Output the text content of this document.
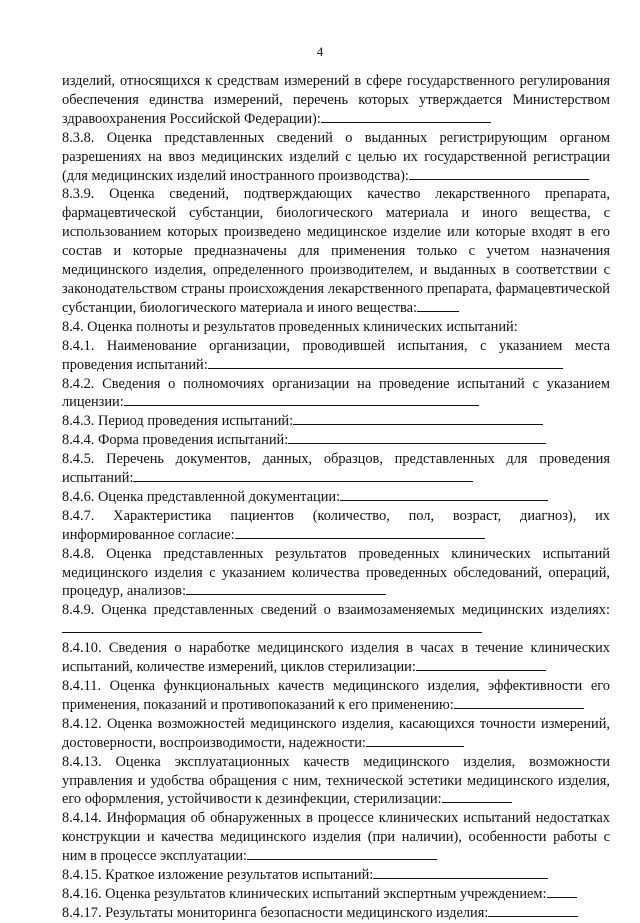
4

изделий, относящихся к средствам измерений в сфере государственного регулирования обеспечения единства измерений, перечень которых утверждается Министерством здравоохранения Российской Федерации):

8.3.8. Оценка представленных сведений о выданных регистрирующим органом разрешениях на ввоз медицинских изделий с целью их государственной регистрации (для медицинских изделий иностранного производства):

8.3.9. Оценка сведений, подтверждающих качество лекарственного препарата, фармацевтической субстанции, биологического материала и иного вещества, с использованием которых произведено медицинское изделие или которые входят в его состав и которые предназначены для применения только с учетом назначения медицинского изделия, определенного производителем, и выданных в соответствии с законодательством страны происхождения лекарственного препарата, фармацевтической субстанции, биологического материала и иного вещества:

8.4. Оценка полноты и результатов проведенных клинических испытаний:

8.4.1. Наименование организации, проводившей испытания, с указанием места проведения испытаний:

8.4.2. Сведения о полномочиях организации на проведение испытаний с указанием лицензии:

8.4.3. Период проведения испытаний:

8.4.4. Форма проведения испытаний:

8.4.5. Перечень документов, данных, образцов, представленных для проведения испытаний:

8.4.6. Оценка представленной документации:

8.4.7. Характеристика пациентов (количество, пол, возраст, диагноз), их информированное согласие:

8.4.8. Оценка представленных результатов проведенных клинических испытаний медицинского изделия с указанием количества проведенных обследований, операций, процедур, анализов:

8.4.9. Оценка представленных сведений о взаимозаменяемых медицинских изделиях:

8.4.10. Сведения о наработке медицинского изделия в часах в течение клинических испытаний, количестве измерений, циклов стерилизации:

8.4.11. Оценка функциональных качеств медицинского изделия, эффективности его применения, показаний и противопоказаний к его применению:

8.4.12. Оценка возможностей медицинского изделия, касающихся точности измерений, достоверности, воспроизводимости, надежности:

8.4.13. Оценка эксплуатационных качеств медицинского изделия, возможности управления и удобства обращения с ним, технической эстетики медицинского изделия, его оформления, устойчивости к дезинфекции, стерилизации:

8.4.14. Информация об обнаруженных в процессе клинических испытаний недостатках конструкции и качества медицинского изделия (при наличии), особенности работы с ним в процессе эксплуатации:

8.4.15. Краткое изложение результатов испытаний:

8.4.16. Оценка результатов клинических испытаний экспертным учреждением:

8.4.17. Результаты мониторинга безопасности медицинского изделия:
